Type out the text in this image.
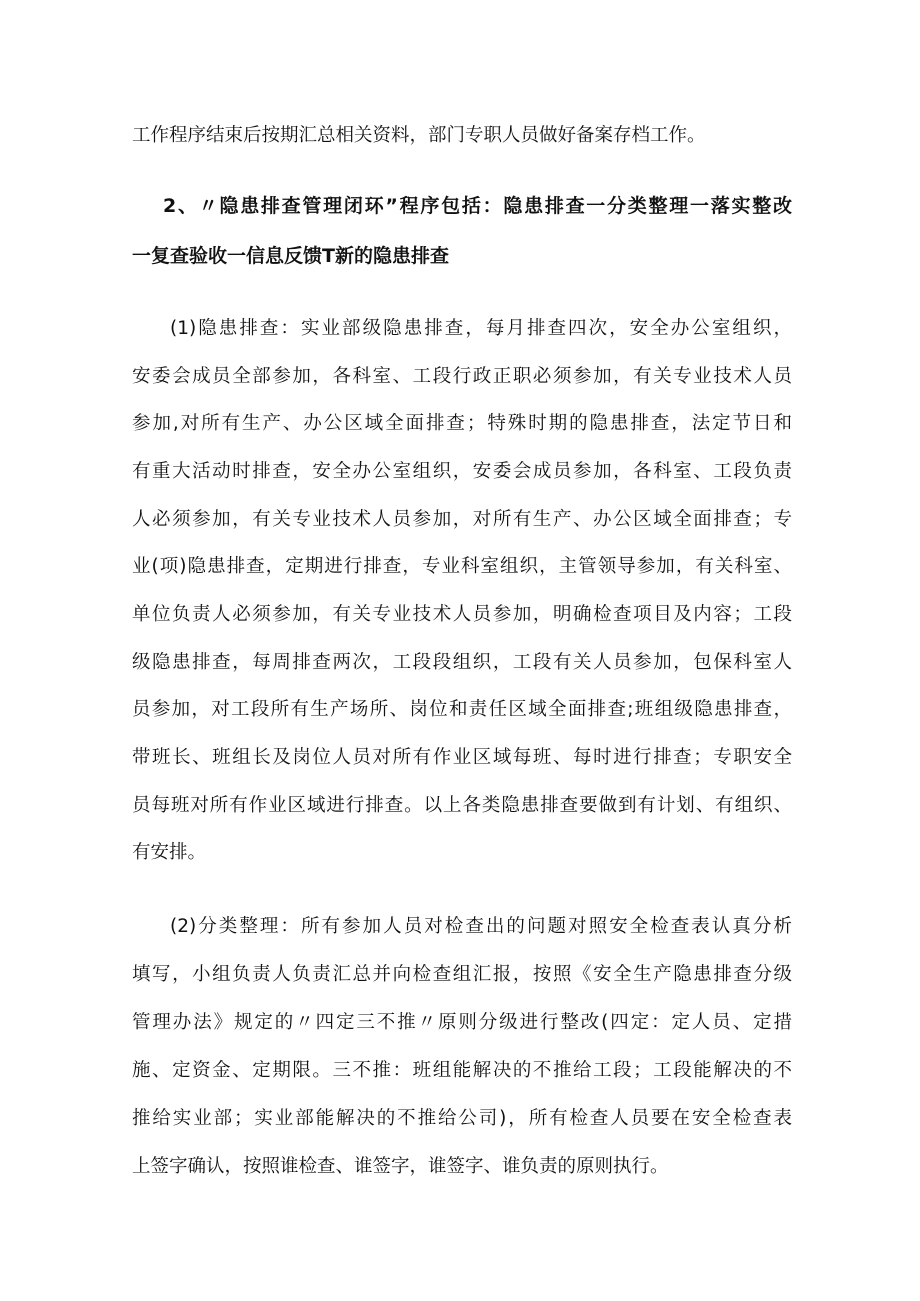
工作程序结束后按期汇总相关资料，部门专职人员做好备案存档工作。
2、〃隐患排查管理闭环”程序包括：隐患排查一分类整理一落实整改
一复查验收一信息反馈T新的隐患排查
(1)隐患排查：实业部级隐患排查，每月排查四次，安全办公室组织，
安委会成员全部参加，各科室、工段行政正职必须参加，有关专业技术人员
参加,对所有生产、办公区域全面排查；特殊时期的隐患排查，法定节日和
有重大活动时排查，安全办公室组织，安委会成员参加，各科室、工段负责
人必须参加，有关专业技术人员参加，对所有生产、办公区域全面排查；专
业(项)隐患排查，定期进行排查，专业科室组织，主管领导参加，有关科室、
单位负责人必须参加，有关专业技术人员参加，明确检查项目及内容；工段
级隐患排查，每周排查两次，工段段组织，工段有关人员参加，包保科室人
员参加，对工段所有生产场所、岗位和责任区域全面排查;班组级隐患排查，
带班长、班组长及岗位人员对所有作业区域每班、每时进行排查；专职安全
员每班对所有作业区域进行排查。以上各类隐患排查要做到有计划、有组织、
有安排。
(2)分类整理：所有参加人员对检查出的问题对照安全检查表认真分析
填写，小组负责人负责汇总并向检查组汇报，按照《安全生产隐患排查分级
管理办法》规定的〃四定三不推〃原则分级进行整改(四定：定人员、定措
施、定资金、定期限。三不推：班组能解决的不推给工段；工段能解决的不
推给实业部；实业部能解决的不推给公司)，所有检查人员要在安全检查表
上签字确认，按照谁检查、谁签字，谁签字、谁负责的原则执行。
